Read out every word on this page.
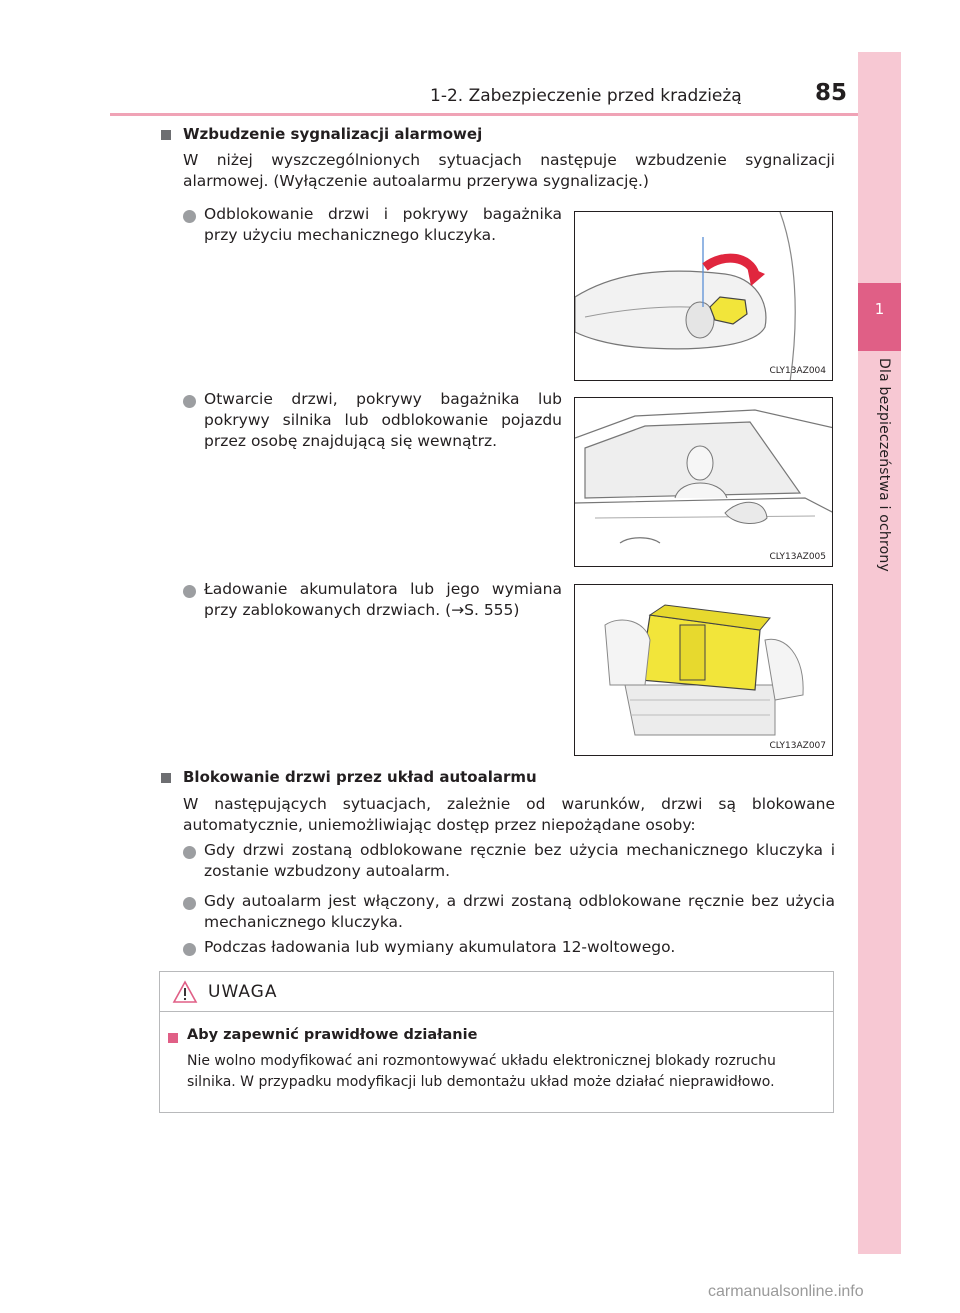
1
Dla bezpieczeństwa i ochrony
1-2. Zabezpieczenie przed kradzieżą	85
Wzbudzenie sygnalizacji alarmowej
W niżej wyszczególnionych sytuacjach następuje wzbudzenie sygnalizacji alarmowej. (Wyłączenie autoalarmu przerywa sygnalizację.)
Odblokowanie drzwi i pokrywy bagażnika przy użyciu mechanicznego kluczyka.
CLY13AZ004
Otwarcie drzwi, pokrywy bagażnika lub pokrywy silnika lub odblokowanie pojazdu przez osobę znajdującą się wewnątrz.
CLY13AZ005
Ładowanie akumulatora lub jego wymiana przy zablokowanych drzwiach. (→S. 555)
CLY13AZ007
Blokowanie drzwi przez układ autoalarmu
W następujących sytuacjach, zależnie od warunków, drzwi są blokowane automatycznie, uniemożliwiając dostęp przez niepożądane osoby:
Gdy drzwi zostaną odblokowane ręcznie bez użycia mechanicznego kluczyka i zostanie wzbudzony autoalarm.
Gdy autoalarm jest włączony, a drzwi zostaną odblokowane ręcznie bez użycia mechanicznego kluczyka.
Podczas ładowania lub wymiany akumulatora 12-woltowego.
UWAGA
Aby zapewnić prawidłowe działanie
Nie wolno modyfikować ani rozmontowywać układu elektronicznej blokady rozruchu silnika. W przypadku modyfikacji lub demontażu układ może działać nieprawidłowo.
carmanualsonline.info
